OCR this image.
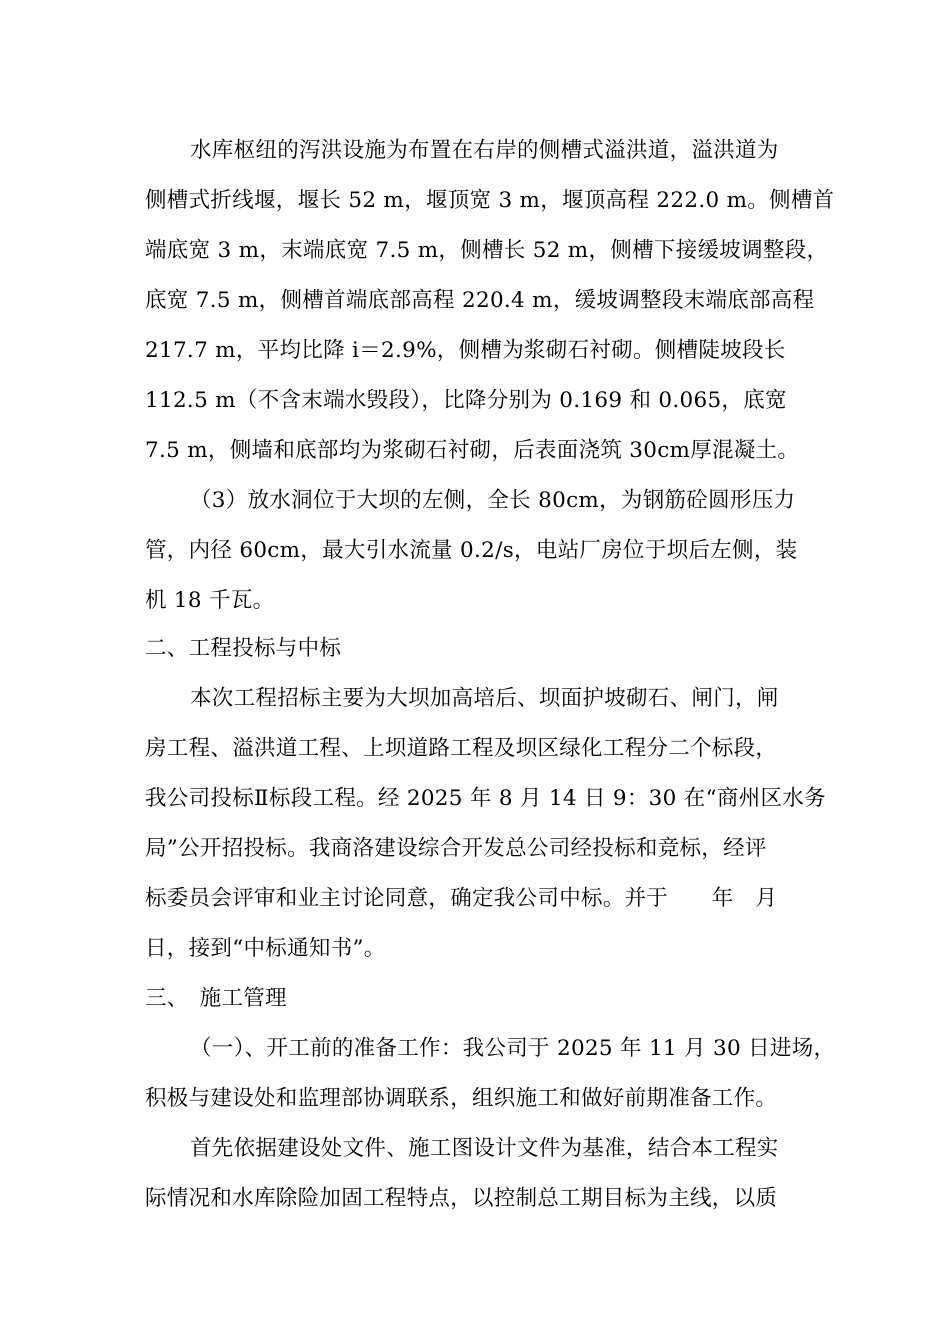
水库枢纽的泻洪设施为布置在右岸的侧槽式溢洪道，溢洪道为
侧槽式折线堰，堰长 52 m，堰顶宽 3 m，堰顶高程 222.0 m。侧槽首
端底宽 3 m，末端底宽 7.5 m，侧槽长 52 m，侧槽下接缓坡调整段，
底宽 7.5 m，侧槽首端底部高程 220.4 m，缓坡调整段末端底部高程
217.7 m，平均比降 i＝2.9%，侧槽为浆砌石衬砌。侧槽陡坡段长
112.5 m（不含末端水毁段），比降分别为 0.169 和 0.065，底宽
7.5 m，侧墙和底部均为浆砌石衬砌，后表面浇筑 30cm厚混凝土。
（3）放水洞位于大坝的左侧，全长 80cm，为钢筋砼圆形压力
管，内径 60cm，最大引水流量 0.2/s，电站厂房位于坝后左侧，装
机 18 千瓦。
二、工程投标与中标
本次工程招标主要为大坝加高培后、坝面护坡砌石、闸门，闸
房工程、溢洪道工程、上坝道路工程及坝区绿化工程分二个标段，
我公司投标Ⅱ标段工程。经 2025 年 8 月 14 日 9：30 在“商州区水务
局”公开招投标。我商洛建设综合开发总公司经投标和竞标，经评
标委员会评审和业主讨论同意，确定我公司中标。并于　　年　月
日，接到“中标通知书”。
三、　施工管理
（一）、开工前的准备工作：我公司于 2025 年 11 月 30 日进场，
积极与建设处和监理部协调联系，组织施工和做好前期准备工作。
首先依据建设处文件、施工图设计文件为基准，结合本工程实
际情况和水库除险加固工程特点，以控制总工期目标为主线，以质
